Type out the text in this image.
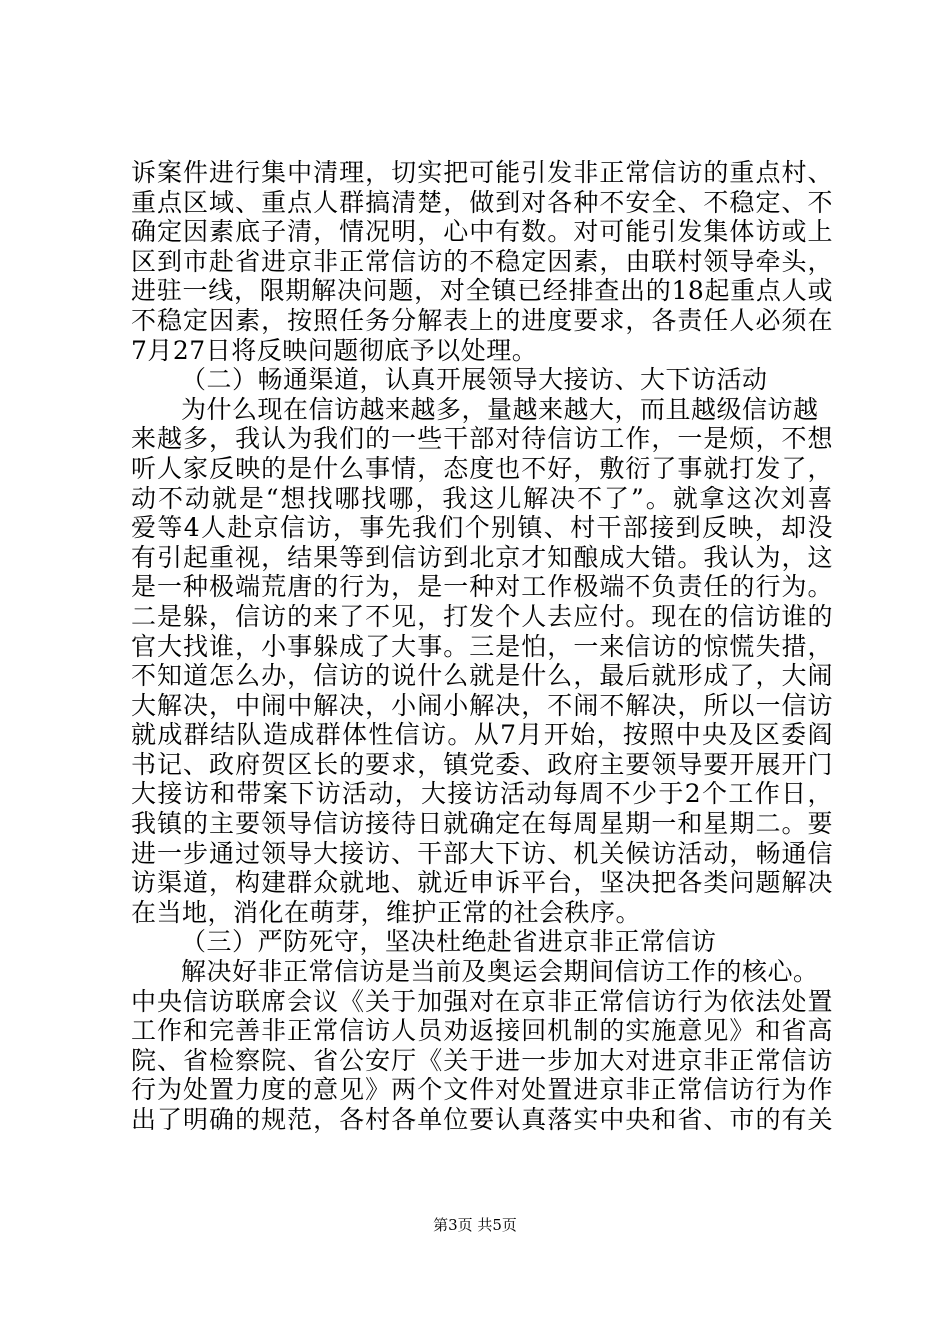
诉案件进行集中清理，切实把可能引发非正常信访的重点村、
重点区域、重点人群搞清楚，做到对各种不安全、不稳定、不
确定因素底子清，情况明，心中有数。对可能引发集体访或上
区到市赴省进京非正常信访的不稳定因素，由联村领导牵头，
进驻一线，限期解决问题，对全镇已经排查出的18起重点人或
不稳定因素，按照任务分解表上的进度要求，各责任人必须在
7月27日将反映问题彻底予以处理。
（二）畅通渠道，认真开展领导大接访、大下访活动
为什么现在信访越来越多，量越来越大，而且越级信访越
来越多，我认为我们的一些干部对待信访工作，一是烦，不想
听人家反映的是什么事情，态度也不好，敷衍了事就打发了，
动不动就是“想找哪找哪，我这儿解决不了”。就拿这次刘喜
爱等4人赴京信访，事先我们个别镇、村干部接到反映，却没
有引起重视，结果等到信访到北京才知酿成大错。我认为，这
是一种极端荒唐的行为，是一种对工作极端不负责任的行为。
二是躲，信访的来了不见，打发个人去应付。现在的信访谁的
官大找谁，小事躲成了大事。三是怕，一来信访的惊慌失措，
不知道怎么办，信访的说什么就是什么，最后就形成了，大闹
大解决，中闹中解决，小闹小解决，不闹不解决，所以一信访
就成群结队造成群体性信访。从7月开始，按照中央及区委阎
书记、政府贺区长的要求，镇党委、政府主要领导要开展开门
大接访和带案下访活动，大接访活动每周不少于2个工作日，
我镇的主要领导信访接待日就确定在每周星期一和星期二。要
进一步通过领导大接访、干部大下访、机关候访活动，畅通信
访渠道，构建群众就地、就近申诉平台，坚决把各类问题解决
在当地，消化在萌芽，维护正常的社会秩序。
（三）严防死守，坚决杜绝赴省进京非正常信访
解决好非正常信访是当前及奥运会期间信访工作的核心。
中央信访联席会议《关于加强对在京非正常信访行为依法处置
工作和完善非正常信访人员劝返接回机制的实施意见》和省高
院、省检察院、省公安厅《关于进一步加大对进京非正常信访
行为处置力度的意见》两个文件对处置进京非正常信访行为作
出了明确的规范，各村各单位要认真落实中央和省、市的有关
第3页 共5页
